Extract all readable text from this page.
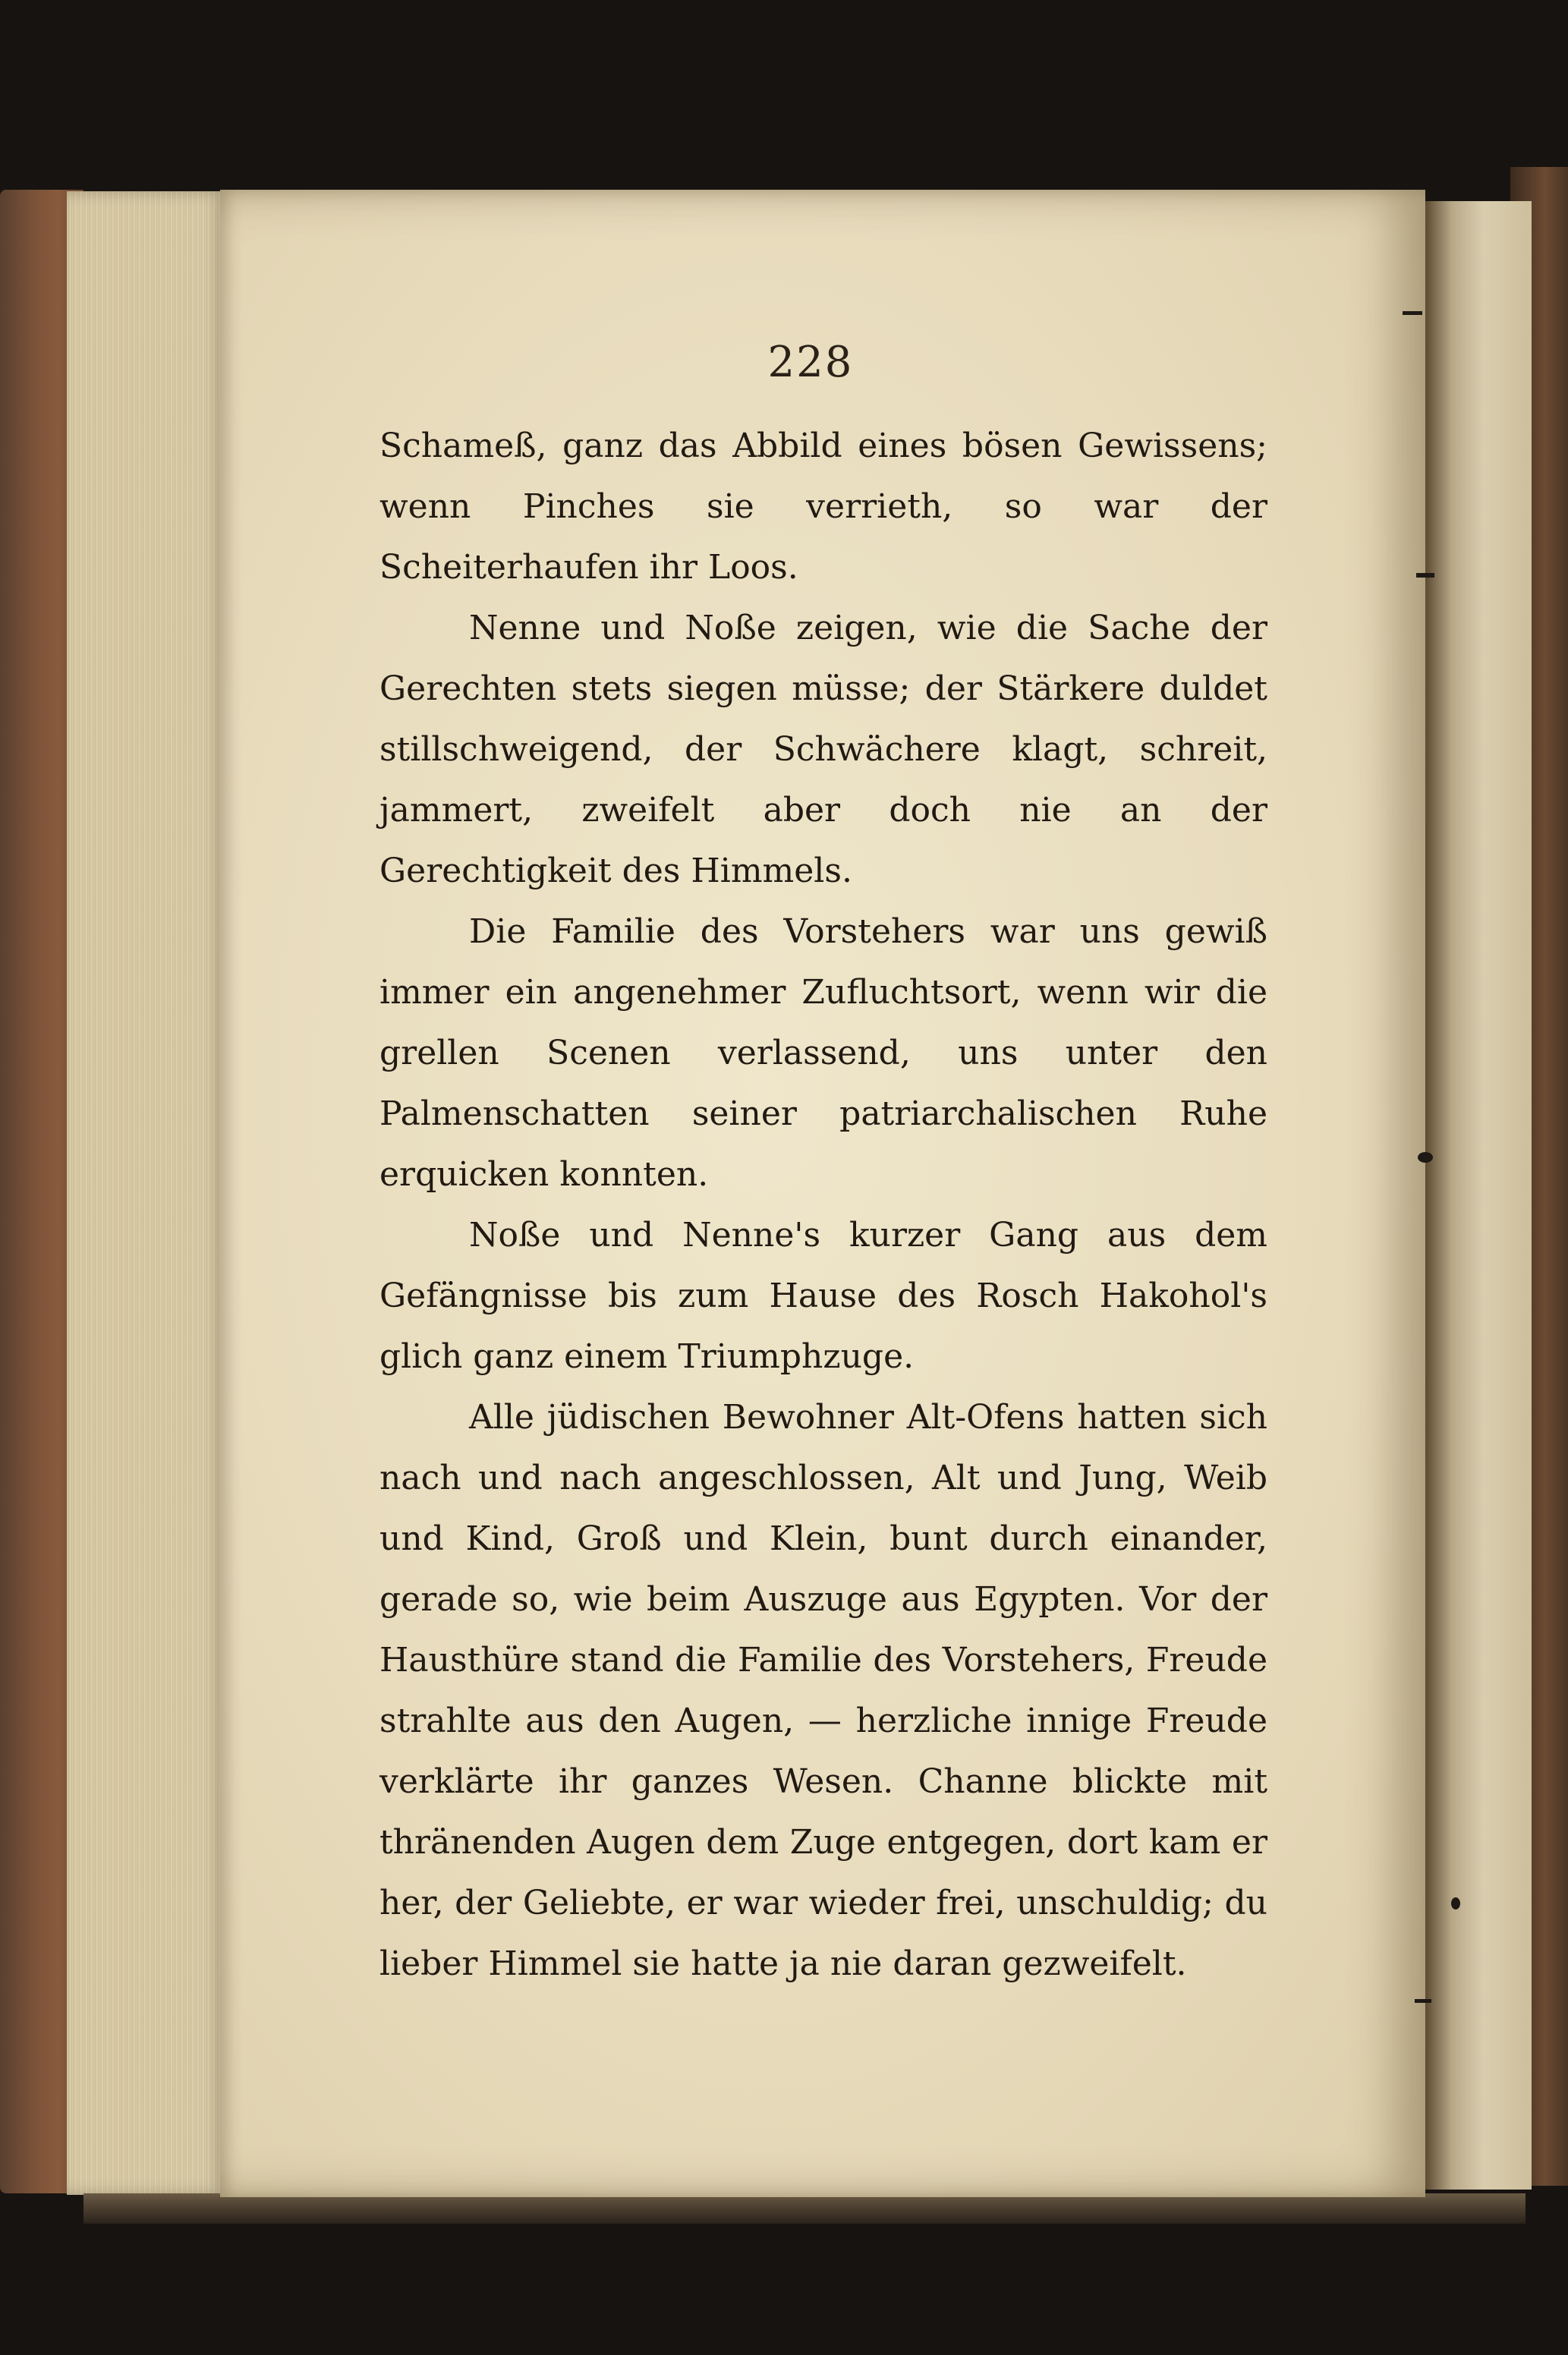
228

Schameß, ganz das Abbild eines bösen Gewissens; wenn Pinches sie verrieth, so war der Scheiterhaufen ihr Loos.

Nenne und Noße zeigen, wie die Sache der Gerechten stets siegen müsse; der Stärkere duldet stillschweigend, der Schwächere klagt, schreit, jammert, zweifelt aber doch nie an der Gerechtigkeit des Himmels.

Die Familie des Vorstehers war uns gewiß immer ein angenehmer Zufluchtsort, wenn wir die grellen Scenen verlassend, uns unter den Palmenschatten seiner patriarchalischen Ruhe erquicken konnten.

Noße und Nenne's kurzer Gang aus dem Gefängnisse bis zum Hause des Rosch Hakohol's glich ganz einem Triumphzuge.

Alle jüdischen Bewohner Alt-Ofens hatten sich nach und nach angeschlossen, Alt und Jung, Weib und Kind, Groß und Klein, bunt durch einander, gerade so, wie beim Auszuge aus Egypten. Vor der Hausthüre stand die Familie des Vorstehers, Freude strahlte aus den Augen, — herzliche innige Freude verklärte ihr ganzes Wesen. Channe blickte mit thränenden Augen dem Zuge entgegen, dort kam er her, der Geliebte, er war wieder frei, unschuldig; du lieber Himmel sie hatte ja nie daran gezweifelt.
